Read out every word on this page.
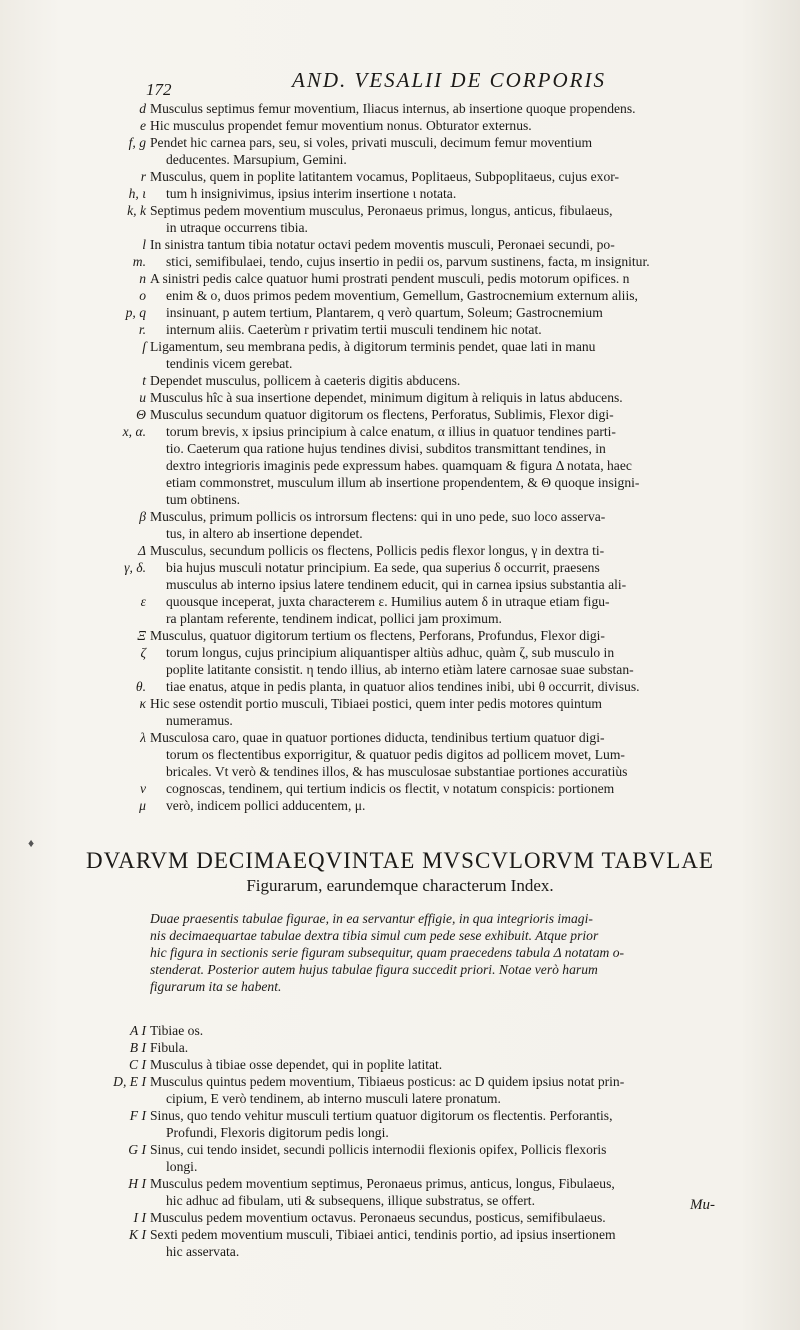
172	AND. VESALII DE CORPORIS
d Musculus septimus femur moventium, Iliacus internus, ab insertione quoque propendens.
e Hic musculus propendet femur moventium nonus. Obturator externus.
f, g Pendet hic carnea pars, seu, si voles, privati musculi, decimum femur moventium
deducentes. Marsupium, Gemini.
r Musculus, quem in poplite latitantem vocamus, Poplitaeus, Subpoplitaeus, cujus exor-
h, ι tum h insignivimus, ipsius interim insertione ι notata.
k, k Septimus pedem moventium musculus, Peronaeus primus, longus, anticus, fibulaeus,
in utraque occurrens tibia.
l In sinistra tantum tibia notatur octavi pedem moventis musculi, Peronaei secundi, po-
m. stici, semifibulaei, tendo, cujus insertio in pedii os, parvum sustinens, facta, m insignitur.
n A sinistri pedis calce quatuor humi prostrati pendent musculi, pedis motorum opifices. n
o enim & o, duos primos pedem moventium, Gemellum, Gastrocnemium externum aliis,
p, q insinuant, p autem tertium, Plantarem, q verò quartum, Soleum; Gastrocnemium
r. internum aliis. Caeterùm r privatim tertii musculi tendinem hic notat.
ſ Ligamentum, seu membrana pedis, à digitorum terminis pendet, quae lati in manu
tendinis vicem gerebat.
t Dependet musculus, pollicem à caeteris digitis abducens.
u Musculus hîc à sua insertione dependet, minimum digitum à reliquis in latus abducens.
Θ Musculus secundum quatuor digitorum os flectens, Perforatus, Sublimis, Flexor digi-
x, α. torum brevis, x ipsius principium à calce enatum, α illius in quatuor tendines parti-
tio. Caeterum qua ratione hujus tendines divisi, subditos transmittant tendines, in
dextro integrioris imaginis pede expressum habes. quamquam & figura Δ notata, haec
etiam commonstret, musculum illum ab insertione propendentem, & Θ quoque insigni-
tum obtinens.
β Musculus, primum pollicis os introrsum flectens: qui in uno pede, suo loco asserva-
tus, in altero ab insertione dependet.
Δ Musculus, secundum pollicis os flectens, Pollicis pedis flexor longus, γ in dextra ti-
γ, δ. bia hujus musculi notatur principium. Ea sede, qua superius δ occurrit, praesens
musculus ab interno ipsius latere tendinem educit, qui in carnea ipsius substantia ali-
ε quousque inceperat, juxta characterem ε. Humilius autem δ in utraque etiam figu-
ra plantam referente, tendinem indicat, pollici jam proximum.
Ξ Musculus, quatuor digitorum tertium os flectens, Perforans, Profundus, Flexor digi-
ζ torum longus, cujus principium aliquantisper altiùs adhuc, quàm ζ, sub musculo in
poplite latitante consistit. η tendo illius, ab interno etiàm latere carnosae suae substan-
θ. tiae enatus, atque in pedis planta, in quatuor alios tendines inibi, ubi θ occurrit, divisus.
κ Hic sese ostendit portio musculi, Tibiaei postici, quem inter pedis motores quintum
numeramus.
λ Musculosa caro, quae in quatuor portiones diducta, tendinibus tertium quatuor digi-
torum os flectentibus exporrigitur, & quatuor pedis digitos ad pollicem movet, Lum-
bricales. Vt verò & tendines illos, & has musculosae substantiae portiones accuratiùs
ν cognoscas, tendinem, qui tertium indicis os flectit, ν notatum conspicis: portionem
μ verò, indicem pollici adducentem, μ.
♦
DVARVM DECIMAEQVINTAE MVSCVLORVM TABVLAE
Figurarum, earundemque characterum Index.
Duae praesentis tabulae figurae, in ea servantur effigie, in qua integrioris imagi-
nis decimaequartae tabulae dextra tibia simul cum pede sese exhibuit. Atque prior
hic figura in sectionis serie figuram subsequitur, quam praecedens tabula Δ notatam o-
stenderat. Posterior autem hujus tabulae figura succedit priori. Notae verò harum
figurarum ita se habent.
A I Tibiae os.
B I Fibula.
C I Musculus à tibiae osse dependet, qui in poplite latitat.
D, E I Musculus quintus pedem moventium, Tibiaeus posticus: ac D quidem ipsius notat prin-
cipium, E verò tendinem, ab interno musculi latere pronatum.
F I Sinus, quo tendo vehitur musculi tertium quatuor digitorum os flectentis. Perforantis,
Profundi, Flexoris digitorum pedis longi.
G I Sinus, cui tendo insidet, secundi pollicis internodii flexionis opifex, Pollicis flexoris
longi.
H I Musculus pedem moventium septimus, Peronaeus primus, anticus, longus, Fibulaeus,
hic adhuc ad fibulam, uti & subsequens, illique substratus, se offert.
I I Musculus pedem moventium octavus. Peronaeus secundus, posticus, semifibulaeus.
K I Sexti pedem moventium musculi, Tibiaei antici, tendinis portio, ad ipsius insertionem
hic asservata.
Mu-
